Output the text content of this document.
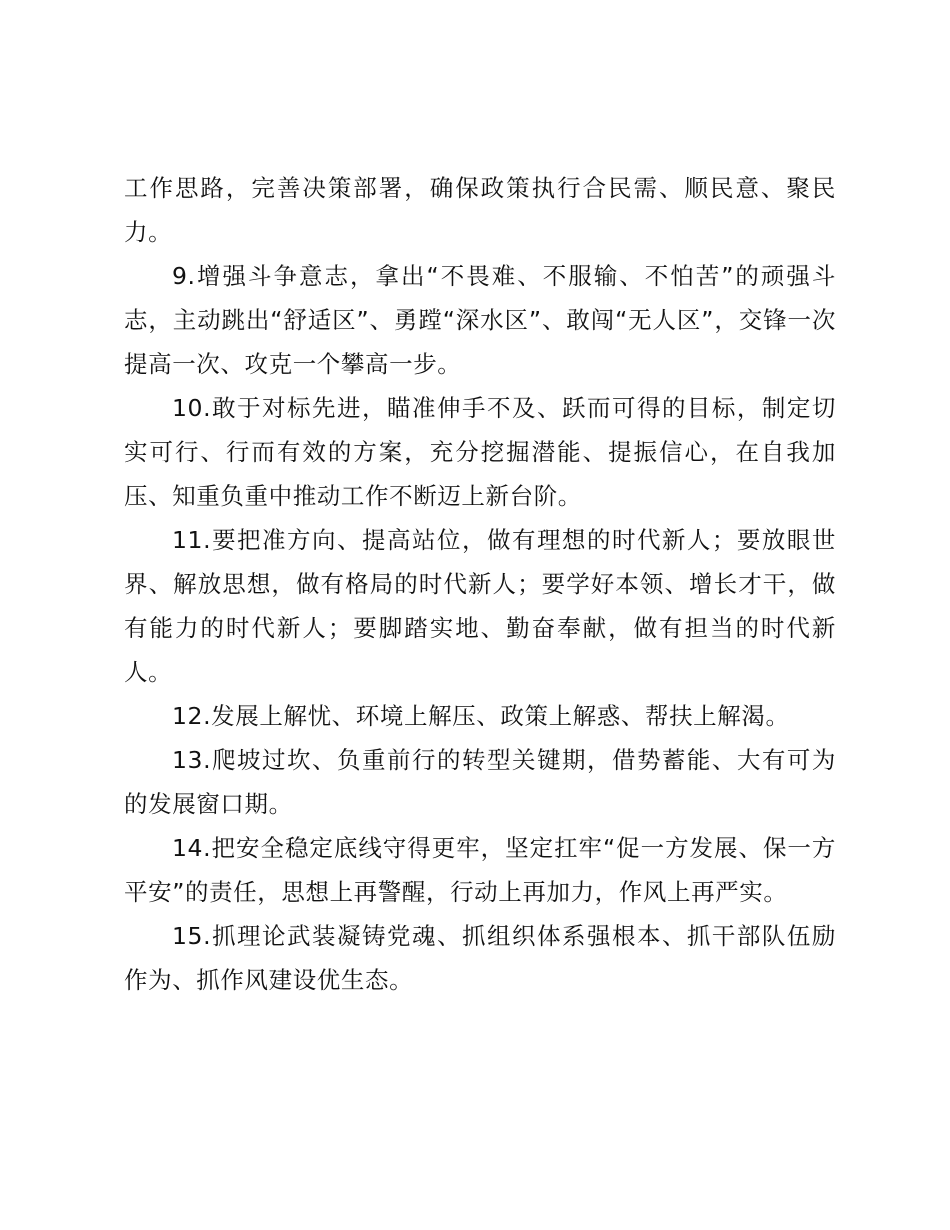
工作思路，完善决策部署，确保政策执行合民需、顺民意、聚民力。

9.增强斗争意志，拿出“不畏难、不服输、不怕苦”的顽强斗志，主动跳出“舒适区”、勇蹚“深水区”、敢闯“无人区”，交锋一次提高一次、攻克一个攀高一步。

10.敢于对标先进，瞄准伸手不及、跃而可得的目标，制定切实可行、行而有效的方案，充分挖掘潜能、提振信心，在自我加压、知重负重中推动工作不断迈上新台阶。

11.要把准方向、提高站位，做有理想的时代新人；要放眼世界、解放思想，做有格局的时代新人；要学好本领、增长才干，做有能力的时代新人；要脚踏实地、勤奋奉献，做有担当的时代新人。

12.发展上解忧、环境上解压、政策上解惑、帮扶上解渴。

13.爬坡过坎、负重前行的转型关键期，借势蓄能、大有可为的发展窗口期。

14.把安全稳定底线守得更牢，坚定扛牢“促一方发展、保一方平安”的责任，思想上再警醒，行动上再加力，作风上再严实。

15.抓理论武装凝铸党魂、抓组织体系强根本、抓干部队伍励作为、抓作风建设优生态。
